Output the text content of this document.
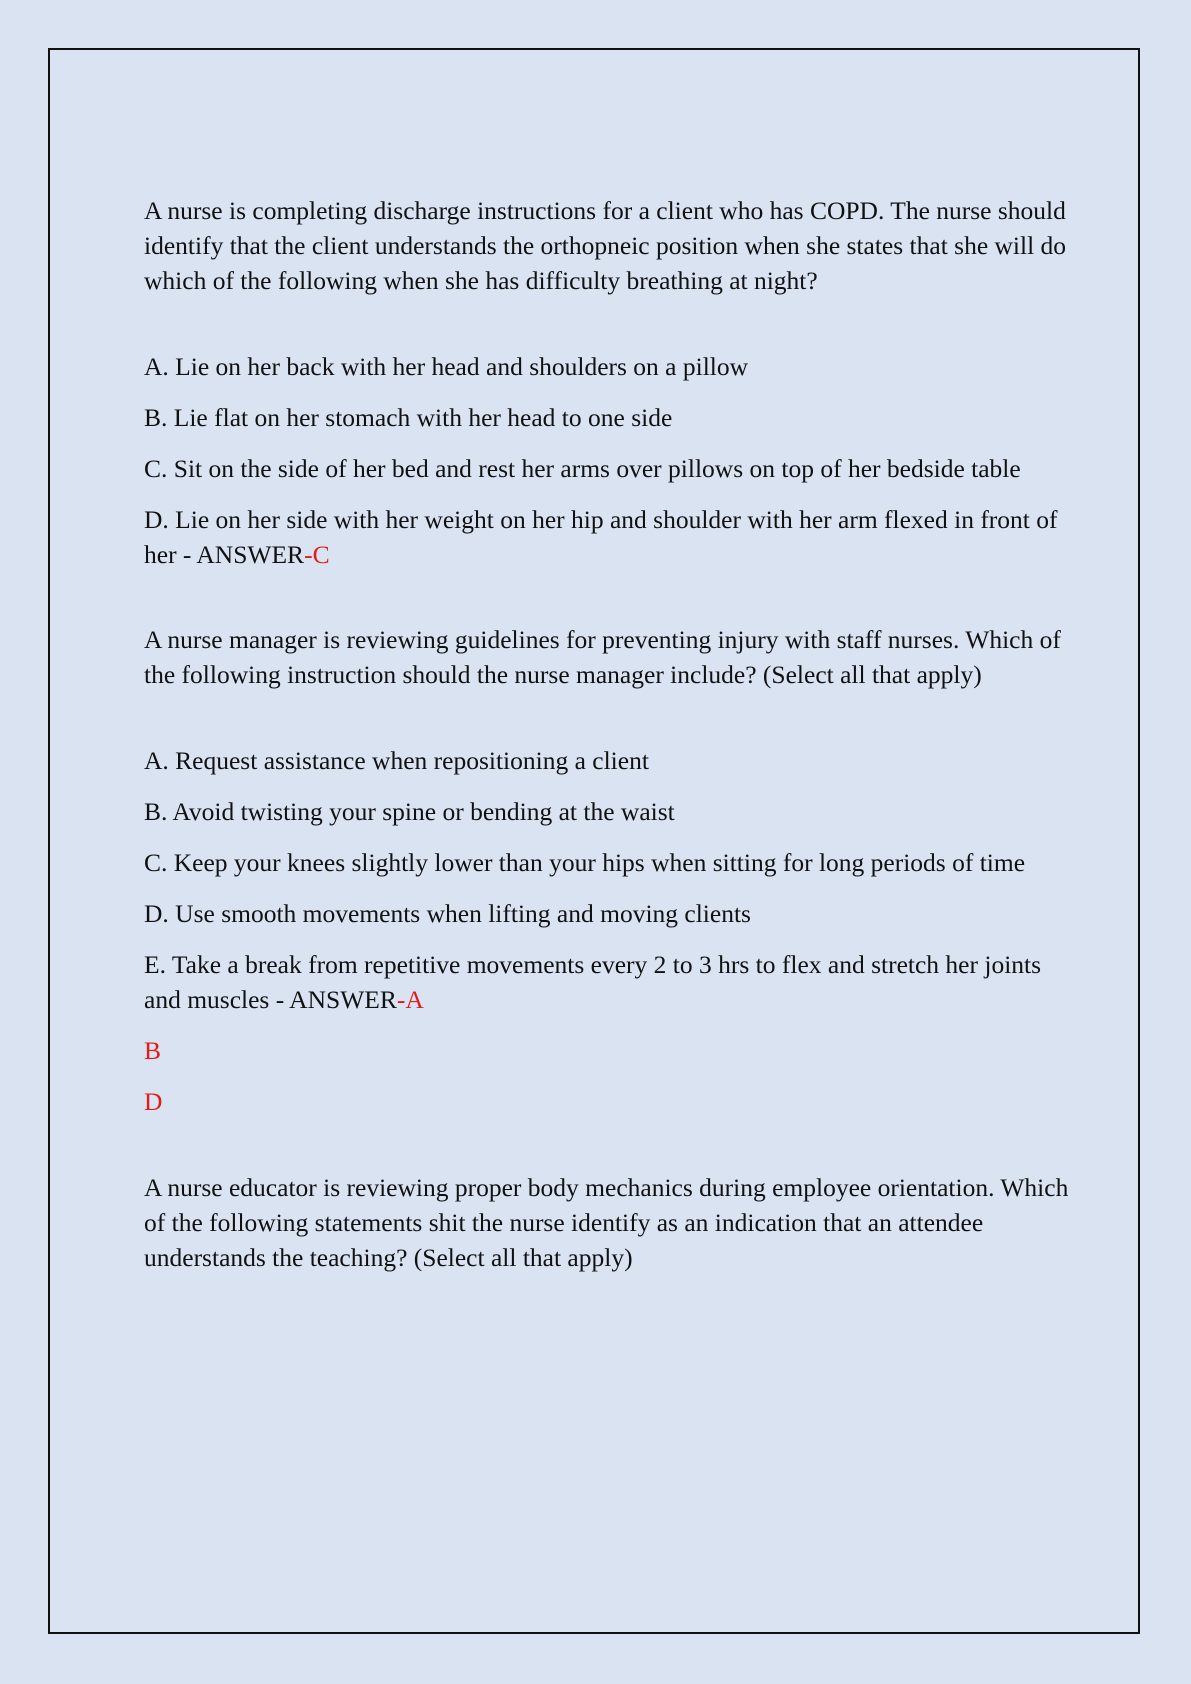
A nurse is completing discharge instructions for a client who has COPD. The nurse should identify that the client understands the orthopneic position when she states that she will do which of the following when she has difficulty breathing at night?

A. Lie on her back with her head and shoulders on a pillow

B. Lie flat on her stomach with her head to one side

C. Sit on the side of her bed and rest her arms over pillows on top of her bedside table

D. Lie on her side with her weight on her hip and shoulder with her arm flexed in front of her - ANSWER-C

A nurse manager is reviewing guidelines for preventing injury with staff nurses. Which of the following instruction should the nurse manager include? (Select all that apply)

A. Request assistance when repositioning a client

B. Avoid twisting your spine or bending at the waist

C. Keep your knees slightly lower than your hips when sitting for long periods of time

D. Use smooth movements when lifting and moving clients

E. Take a break from repetitive movements every 2 to 3 hrs to flex and stretch her joints and muscles - ANSWER-A

B

D

A nurse educator is reviewing proper body mechanics during employee orientation. Which of the following statements shit the nurse identify as an indication that an attendee understands the teaching? (Select all that apply)
